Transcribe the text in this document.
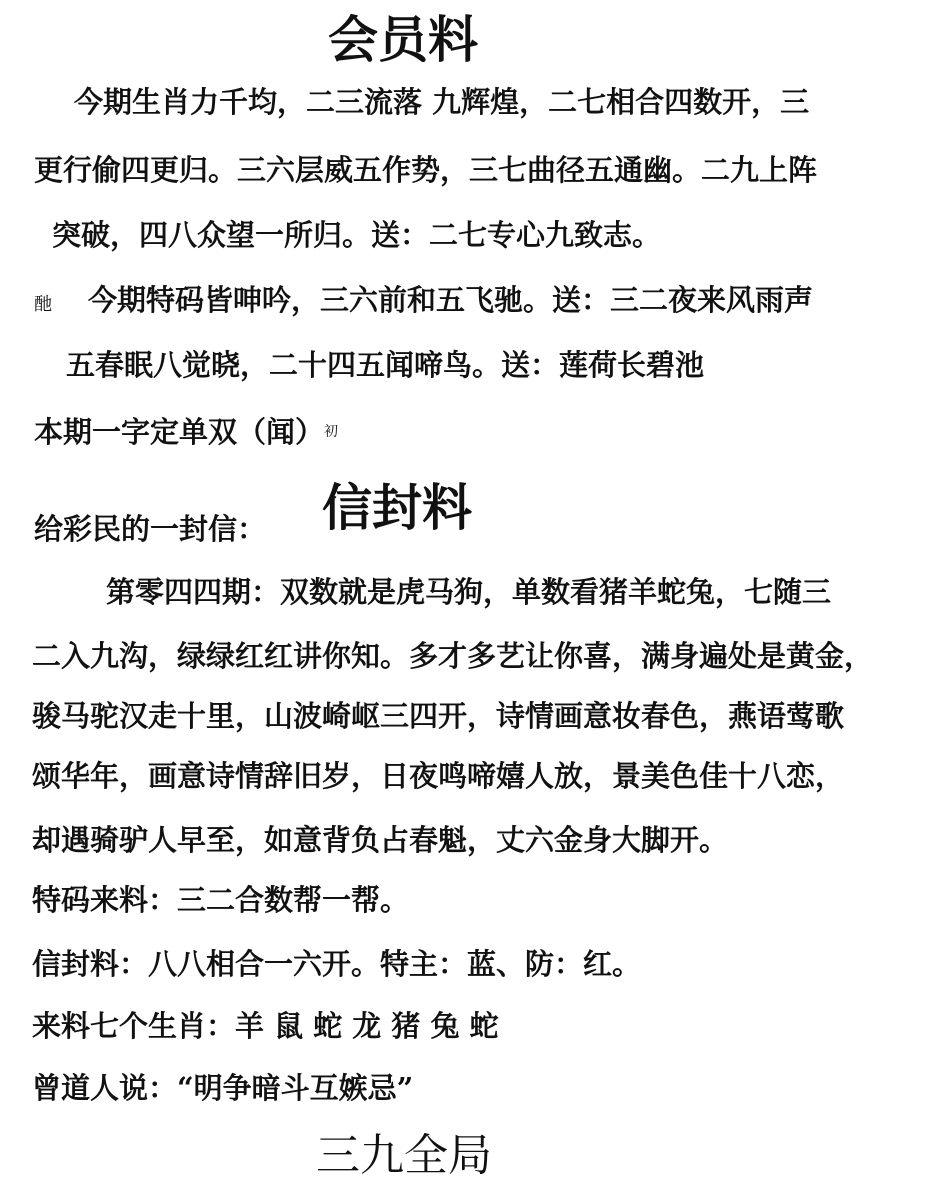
会员料
今期生肖力千均，二三流落 九辉煌，二七相合四数开，三
更行偷四更归。三六层威五作势，三七曲径五通幽。二九上阵
突破，四八众望一所归。送：二七专心九致志。
酏 今期特码皆呻吟，三六前和五飞驰。送：三二夜来风雨声
五春眠八觉晓，二十四五闻啼鸟。送：莲荷长碧池
本期一字定单双（闻）初
给彩民的一封信：	信封料
第零四四期：双数就是虎马狗，单数看猪羊蛇兔，七随三
二入九沟，绿绿红红讲你知。多才多艺让你喜，满身遍处是黄金，
骏马驼汉走十里，山波崎岖三四开，诗情画意妆春色，燕语莺歌
颂华年，画意诗情辞旧岁，日夜鸣啼嬉人放，景美色佳十八恋，
却遇骑驴人早至，如意背负占春魁，丈六金身大脚开。
特码来料：三二合数帮一帮。
信封料：八八相合一六开。特主：蓝、防：红。
来料七个生肖：羊 鼠 蛇 龙 猪 兔 蛇
曾道人说：“明争暗斗互嫉忌”
三九全局
